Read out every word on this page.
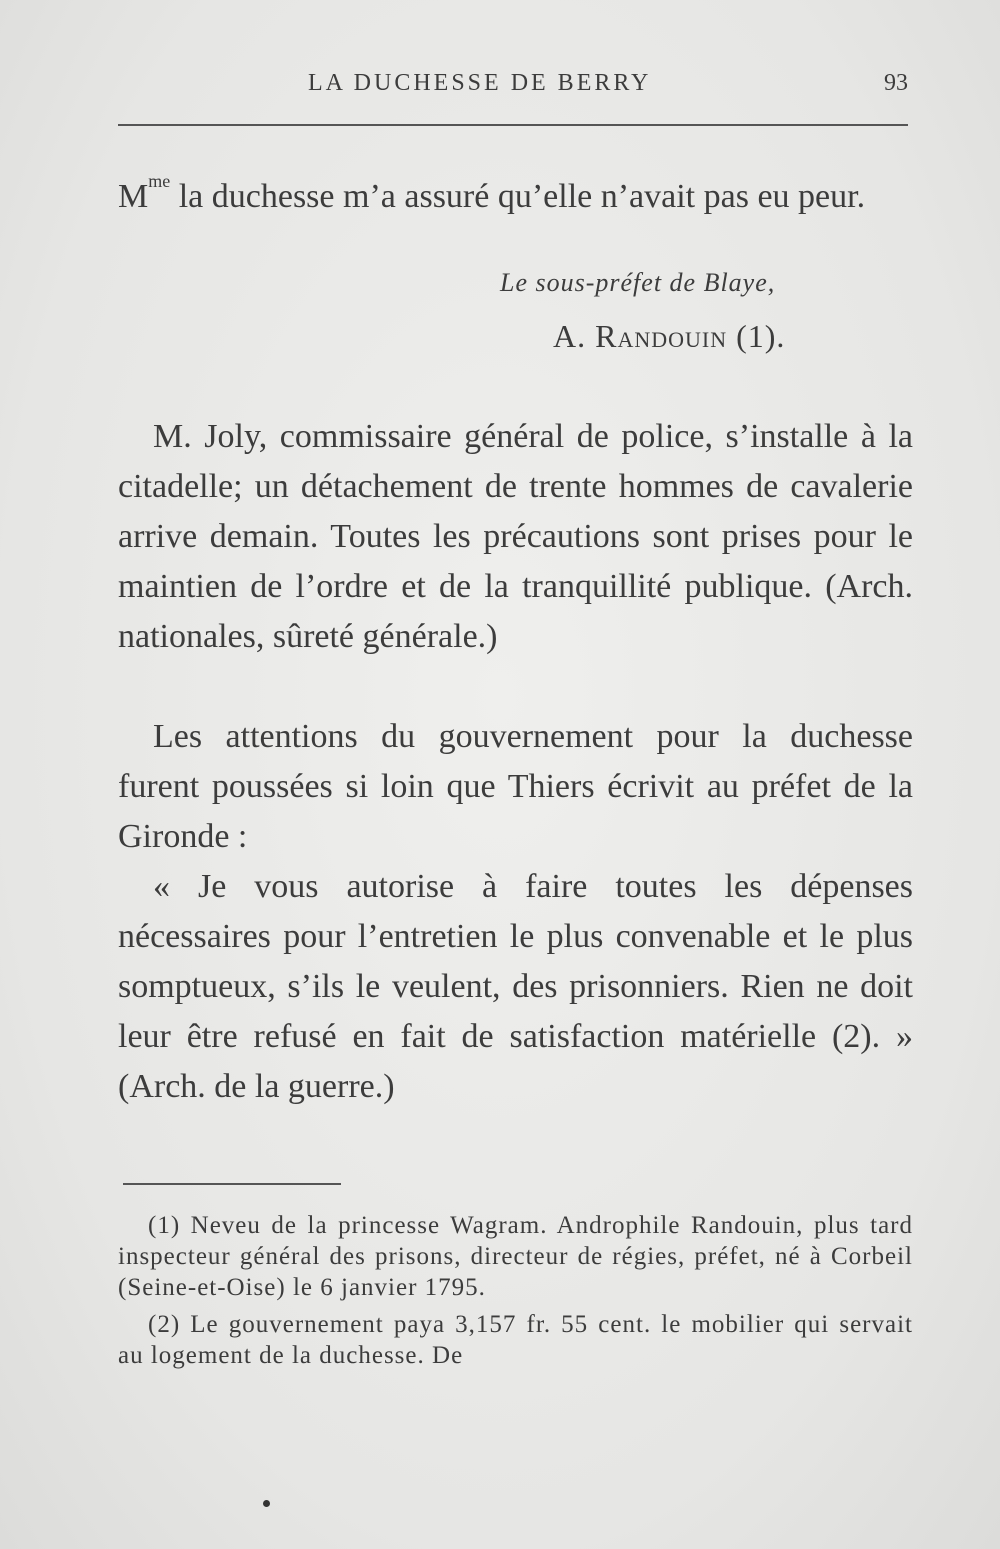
LA DUCHESSE DE BERRY	93

$M^{me}$ la duchesse m’a assuré qu’elle n’avait pas eu peur.

Le sous-préfet de Blaye,
A. Randouin (1).

M. Joly, commissaire général de police, s’installe à la citadelle; un détachement de trente hommes de cavalerie arrive demain. Toutes les précautions sont prises pour le maintien de l’ordre et de la tranquillité publique. (Arch. nationales, sûreté générale.)

Les attentions du gouvernement pour la duchesse furent poussées si loin que Thiers écrivit au préfet de la Gironde :

« Je vous autorise à faire toutes les dépenses nécessaires pour l’entretien le plus convenable et le plus somptueux, s’ils le veulent, des prisonniers. Rien ne doit leur être refusé en fait de satisfaction matérielle (2). » (Arch. de la guerre.)

(1) Neveu de la princesse Wagram. Androphile Randouin, plus tard inspecteur général des prisons, directeur de régies, préfet, né à Corbeil (Seine-et-Oise) le 6 janvier 1795.

(2) Le gouvernement paya 3,157 fr. 55 cent. le mobilier qui servait au logement de la duchesse. De
